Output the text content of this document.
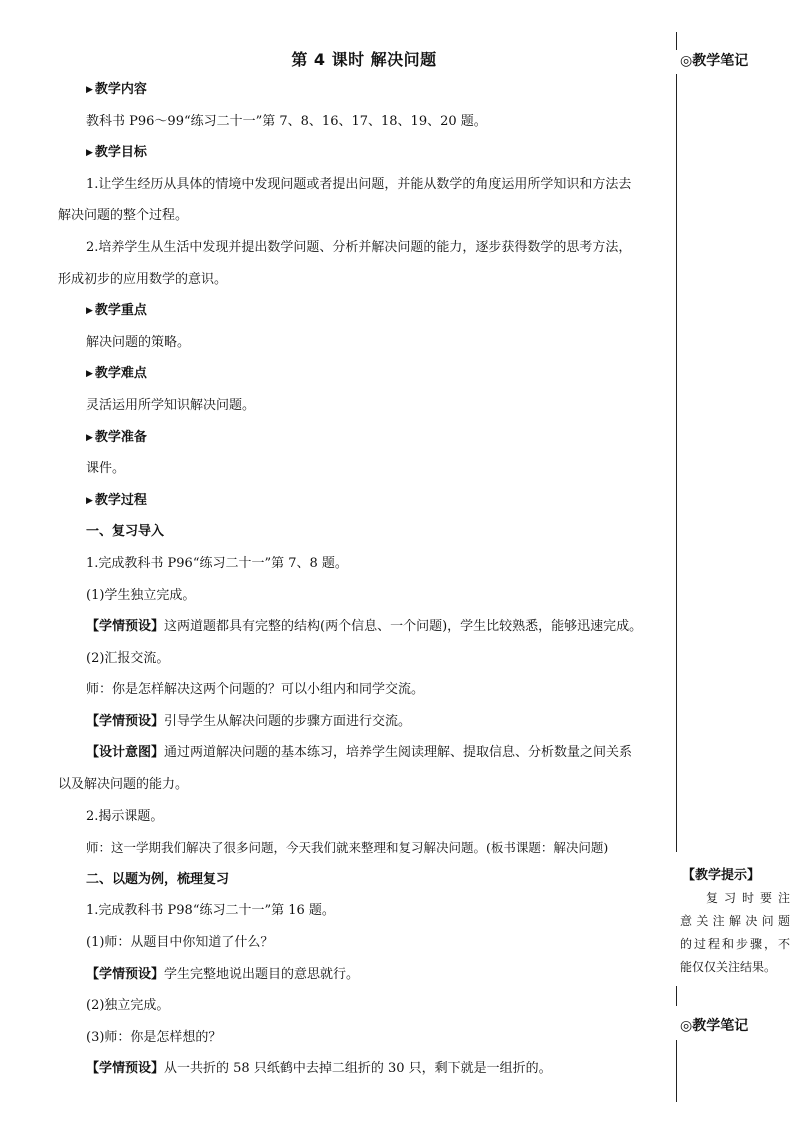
第 4 课时 解决问题
▶ 教学内容
教科书 P96～99“练习二十一”第 7、8、16、17、18、19、20 题。
▶ 教学目标
1.让学生经历从具体的情境中发现问题或者提出问题，并能从数学的角度运用所学知识和方法去
解决问题的整个过程。
2.培养学生从生活中发现并提出数学问题、分析并解决问题的能力，逐步获得数学的思考方法，
形成初步的应用数学的意识。
▶ 教学重点
解决问题的策略。
▶ 教学难点
灵活运用所学知识解决问题。
▶ 教学准备
课件。
▶ 教学过程
一、复习导入
1.完成教科书 P96“练习二十一”第 7、8 题。
(1)学生独立完成。
【学情预设】这两道题都具有完整的结构(两个信息、一个问题)，学生比较熟悉，能够迅速完成。
(2)汇报交流。
师：你是怎样解决这两个问题的？可以小组内和同学交流。
【学情预设】引导学生从解决问题的步骤方面进行交流。
【设计意图】通过两道解决问题的基本练习，培养学生阅读理解、提取信息、分析数量之间关系
以及解决问题的能力。
2.揭示课题。
师：这一学期我们解决了很多问题，今天我们就来整理和复习解决问题。(板书课题：解决问题)
二、以题为例，梳理复习
1.完成教科书 P98“练习二十一”第 16 题。
(1)师：从题目中你知道了什么？
【学情预设】学生完整地说出题目的意思就行。
(2)独立完成。
(3)师：你是怎样想的？
【学情预设】从一共折的 58 只纸鹤中去掉二组折的 30 只，剩下就是一组折的。
◎教学笔记
【教学提示】
复习时要注
意关注解决问题
的过程和步骤，不
能仅仅关注结果。
◎教学笔记
